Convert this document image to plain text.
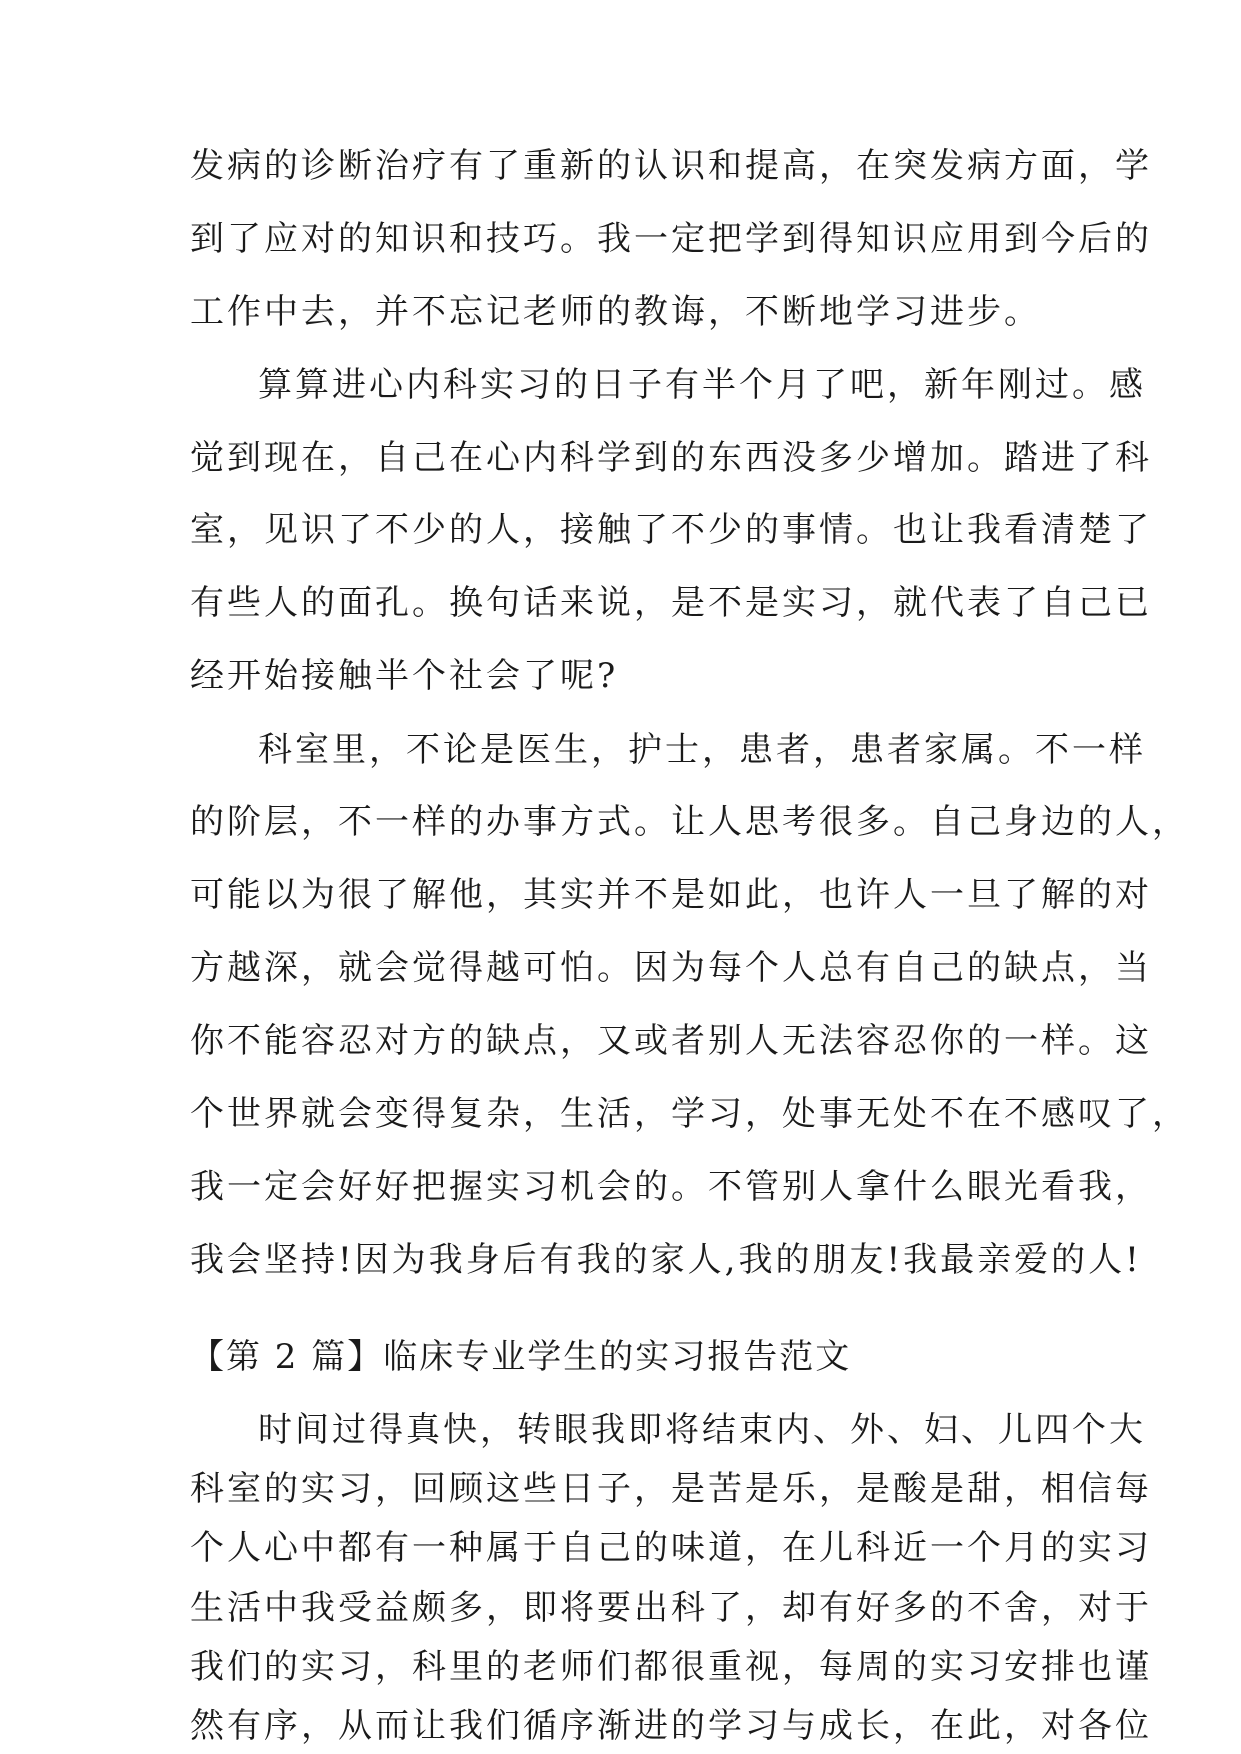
发病的诊断治疗有了重新的认识和提高，在突发病方面，学
到了应对的知识和技巧。我一定把学到得知识应用到今后的
工作中去，并不忘记老师的教诲，不断地学习进步。
算算进心内科实习的日子有半个月了吧，新年刚过。感
觉到现在，自己在心内科学到的东西没多少增加。踏进了科
室，见识了不少的人，接触了不少的事情。也让我看清楚了
有些人的面孔。换句话来说，是不是实习，就代表了自己已
经开始接触半个社会了呢?
科室里，不论是医生，护士，患者，患者家属。不一样
的阶层，不一样的办事方式。让人思考很多。自己身边的人，
可能以为很了解他，其实并不是如此，也许人一旦了解的对
方越深，就会觉得越可怕。因为每个人总有自己的缺点，当
你不能容忍对方的缺点，又或者别人无法容忍你的一样。这
个世界就会变得复杂，生活，学习，处事无处不在不感叹了，
我一定会好好把握实习机会的。不管别人拿什么眼光看我，
我会坚持!因为我身后有我的家人,我的朋友!我最亲爱的人!
【第 2 篇】临床专业学生的实习报告范文
时间过得真快，转眼我即将结束内、外、妇、儿四个大
科室的实习，回顾这些日子，是苦是乐，是酸是甜，相信每
个人心中都有一种属于自己的味道，在儿科近一个月的实习
生活中我受益颇多，即将要出科了，却有好多的不舍，对于
我们的实习，科里的老师们都很重视，每周的实习安排也谨
然有序，从而让我们循序渐进的学习与成长，在此，对各位
